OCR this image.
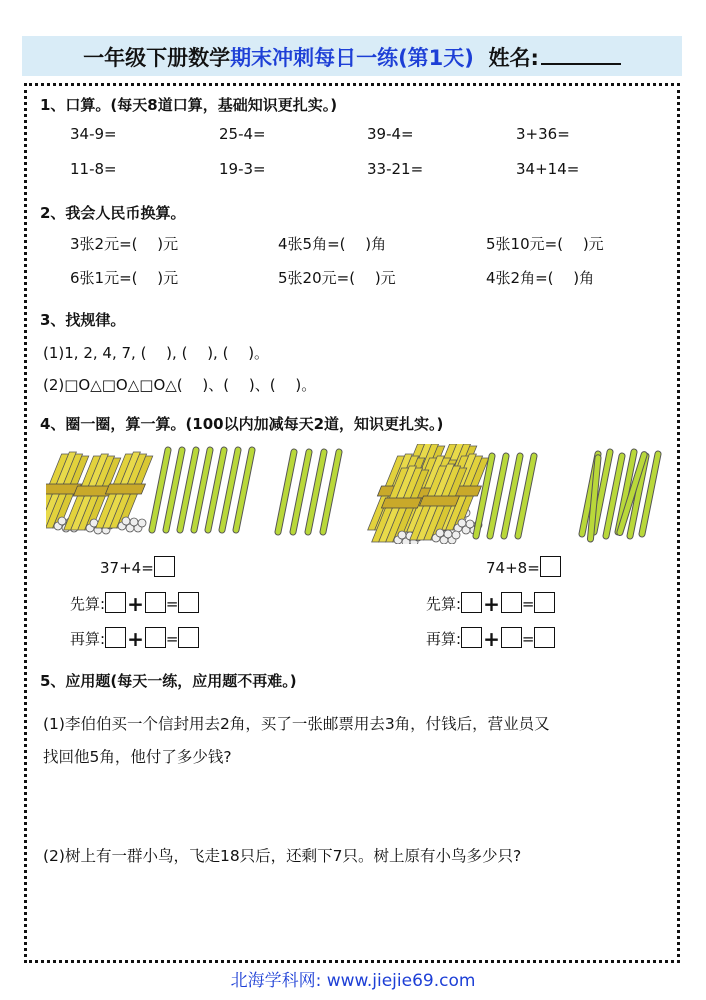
一年级下册数学期末冲刺每日一练(第1天) 姓名:
1、口算。(每天8道口算，基础知识更扎实。)
34-9=	25-4=	39-4=	3+36=
11-8=	19-3=	33-21=	34+14=
2、我会人民币换算。
3张2元=(　 )元	4张5角=(　 )角	5张10元=(　 )元
6张1元=(　 )元	5张20元=(　 )元	4张2角=(　 )角
3、找规律。
(1)1, 2, 4, 7, (　 ), (　 ), (　 )。
(2)□O△□O△□O△(　 )、(　 )、(　 )。
4、圈一圈，算一算。(100以内加减每天2道，知识更扎实。)
37+4=
先算: + =
再算: + =
74+8=
先算: + =
再算: + =
5、应用题(每天一练，应用题不再难。)
(1)李伯伯买一个信封用去2角，买了一张邮票用去3角，付钱后，营业员又
找回他5角，他付了多少钱?
(2)树上有一群小鸟，飞走18只后，还剩下7只。树上原有小鸟多少只?
北海学科网: www.jiejie69.com
